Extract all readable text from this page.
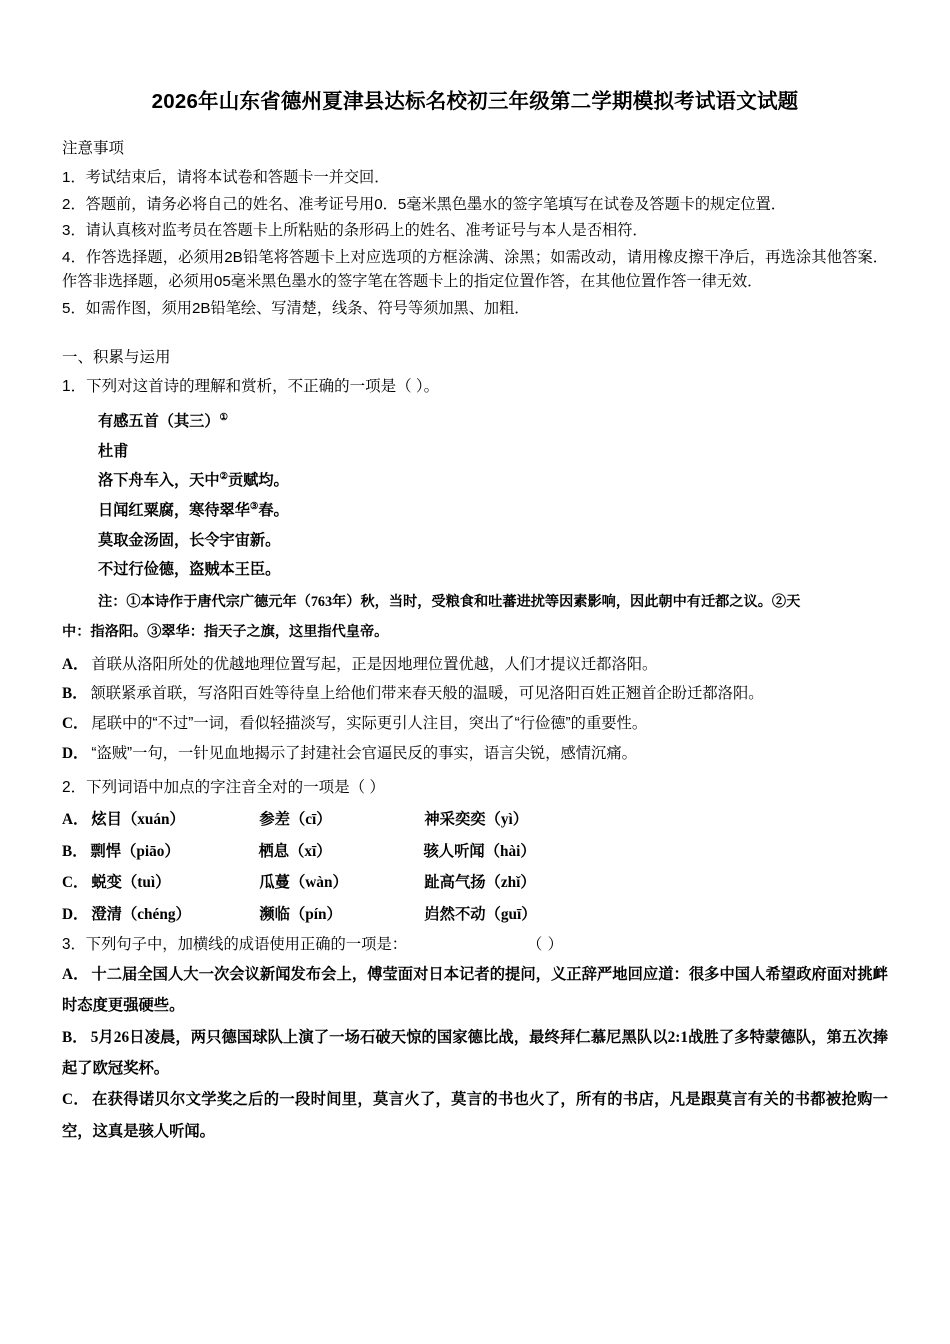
2026年山东省德州夏津县达标名校初三年级第二学期模拟考试语文试题
注意事项
1．考试结束后，请将本试卷和答题卡一并交回．
2．答题前，请务必将自己的姓名、准考证号用0．5毫米黑色墨水的签字笔填写在试卷及答题卡的规定位置．
3．请认真核对监考员在答题卡上所粘贴的条形码上的姓名、准考证号与本人是否相符．
4．作答选择题，必须用2B铅笔将答题卡上对应选项的方框涂满、涂黑；如需改动，请用橡皮擦干净后，再选涂其他答案．作答非选择题，必须用05毫米黑色墨水的签字笔在答题卡上的指定位置作答，在其他位置作答一律无效．
5．如需作图，须用2B铅笔绘、写清楚，线条、符号等须加黑、加粗．
一、积累与运用
1．下列对这首诗的理解和赏析，不正确的一项是（ ）。
有感五首（其三）①
杜甫
洛下舟车入，天中②贡赋均。
日闻红粟腐，寒待翠华③春。
莫取金汤固，长令宇宙新。
不过行俭德，盗贼本王臣。
注：①本诗作于唐代宗广德元年（763年）秋，当时，受粮食和吐蕃进扰等因素影响，因此朝中有迁都之议。②天
中：指洛阳。③翠华：指天子之旗，这里指代皇帝。
A． 首联从洛阳所处的优越地理位置写起，正是因地理位置优越，人们才提议迁都洛阳。
B． 颔联紧承首联，写洛阳百姓等待皇上给他们带来春天般的温暖，可见洛阳百姓正翘首企盼迁都洛阳。
C． 尾联中的“不过”一词，看似轻描淡写，实际更引人注目，突出了“行俭德”的重要性。
D． “盗贼”一句，一针见血地揭示了封建社会官逼民反的事实，语言尖锐，感情沉痛。
2．下列词语中加点的字注音全对的一项是（ ）
A． 炫目（xuán）	参差（cī）	神采奕奕（yì）
B． 剽悍（piāo）	栖息（xī）	骇人听闻（hài）
C． 蜕变（tuì）	瓜蔓（wàn）	趾高气扬（zhǐ）
D． 澄清（chéng）	濒临（pín）	岿然不动（guī）
3．下列句子中，加横线的成语使用正确的一项是：	（ ）
A． 十二届全国人大一次会议新闻发布会上，傅莹面对日本记者的提问，义正辞严地回应道：很多中国人希望政府面对挑衅时态度更强硬些。
B． 5月26日凌晨，两只德国球队上演了一场石破天惊的国家德比战，最终拜仁慕尼黑队以2:1战胜了多特蒙德队，第五次捧起了欧冠奖杯。
C． 在获得诺贝尔文学奖之后的一段时间里，莫言火了，莫言的书也火了，所有的书店，凡是跟莫言有关的书都被抢购一空，这真是骇人听闻。
